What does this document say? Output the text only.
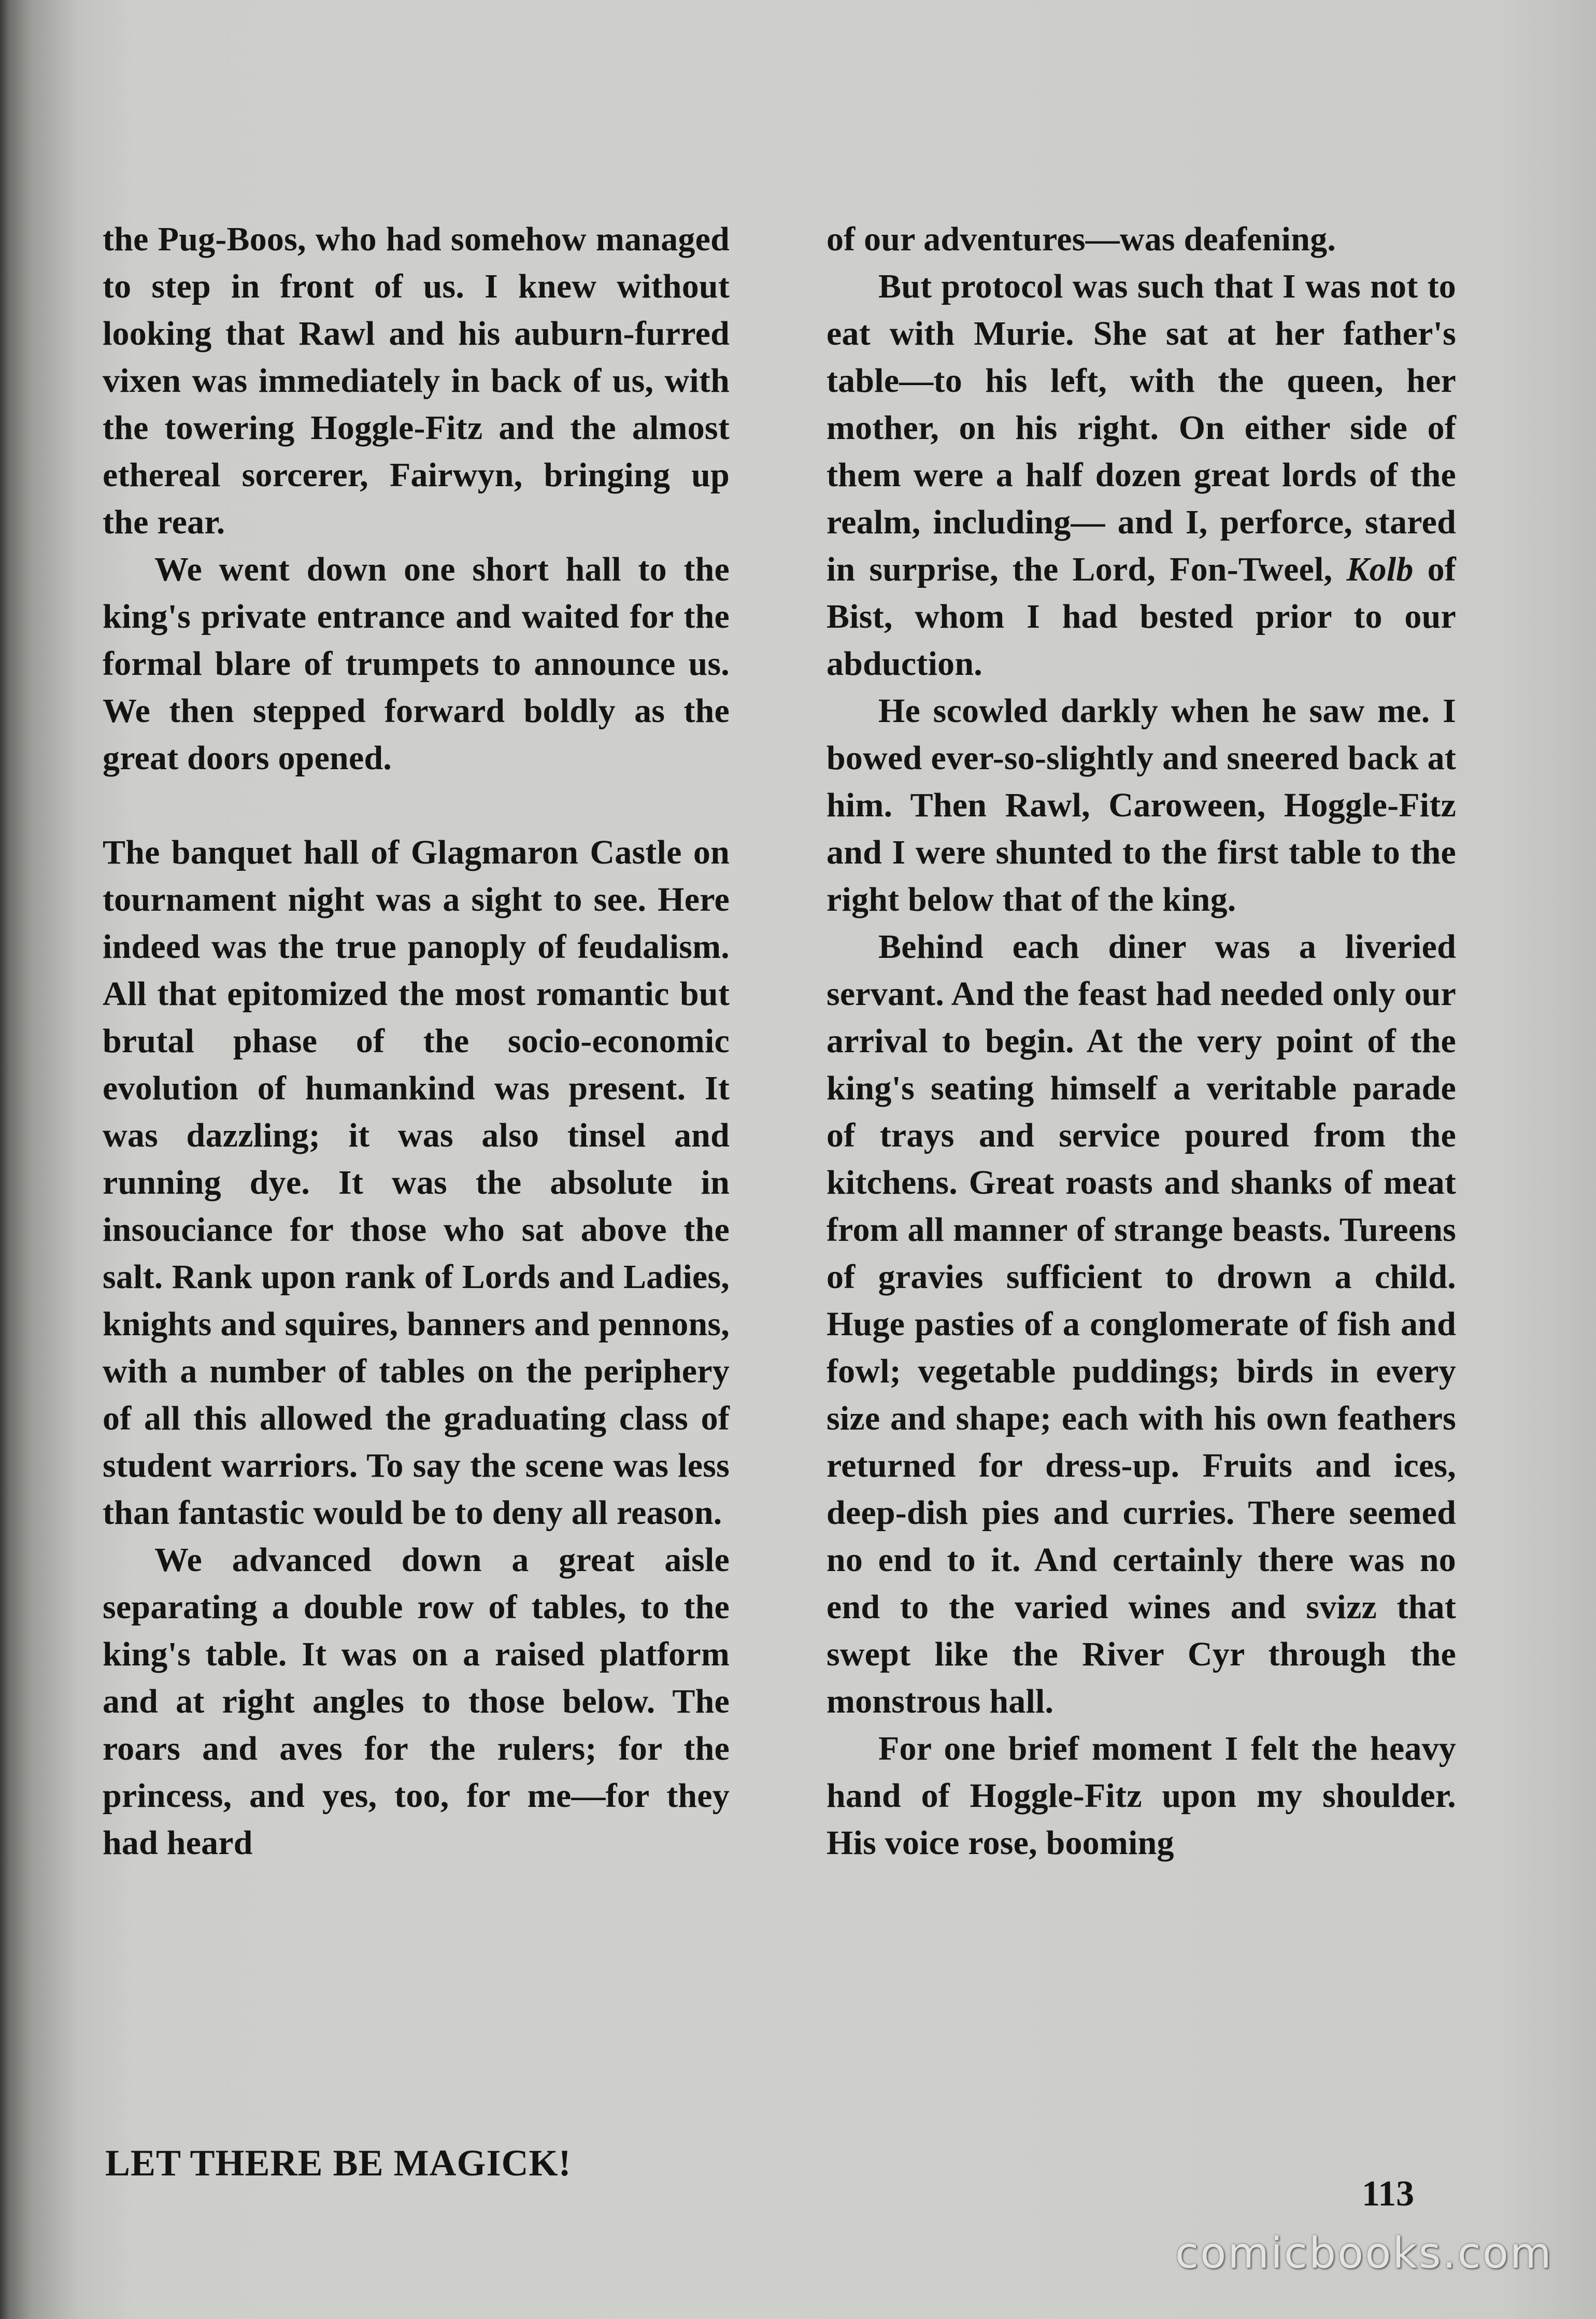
the Pug-Boos, who had somehow managed to step in front of us. I knew without looking that Rawl and his auburn-furred vixen was immediately in back of us, with the towering Hoggle-Fitz and the almost ethereal sorcerer, Fairwyn, bringing up the rear.

We went down one short hall to the king's private entrance and waited for the formal blare of trumpets to announce us. We then stepped forward boldly as the great doors opened.

The banquet hall of Glagmaron Castle on tournament night was a sight to see. Here indeed was the true panoply of feudalism. All that epitomized the most romantic but brutal phase of the socio-economic evolution of humankind was present. It was dazzling; it was also tinsel and running dye. It was the absolute in insouciance for those who sat above the salt. Rank upon rank of Lords and Ladies, knights and squires, banners and pennons, with a number of tables on the periphery of all this allowed the graduating class of student warriors. To say the scene was less than fantastic would be to deny all reason.

We advanced down a great aisle separating a double row of tables, to the king's table. It was on a raised platform and at right angles to those below. The roars and aves for the rulers; for the princess, and yes, too, for me—for they had heard

of our adventures—was deafening.

But protocol was such that I was not to eat with Murie. She sat at her father's table—to his left, with the queen, her mother, on his right. On either side of them were a half dozen great lords of the realm, including— and I, perforce, stared in surprise, the Lord, Fon-Tweel, Kolb of Bist, whom I had bested prior to our abduction.

He scowled darkly when he saw me. I bowed ever-so-slightly and sneered back at him. Then Rawl, Caroween, Hoggle-Fitz and I were shunted to the first table to the right below that of the king.

Behind each diner was a liveried servant. And the feast had needed only our arrival to begin. At the very point of the king's seating himself a veritable parade of trays and service poured from the kitchens. Great roasts and shanks of meat from all manner of strange beasts. Tureens of gravies sufficient to drown a child. Huge pasties of a conglomerate of fish and fowl; vegetable puddings; birds in every size and shape; each with his own feathers returned for dress-up. Fruits and ices, deep-dish pies and curries. There seemed no end to it. And certainly there was no end to the varied wines and svizz that swept like the River Cyr through the monstrous hall.

For one brief moment I felt the heavy hand of Hoggle-Fitz upon my shoulder. His voice rose, booming

LET THERE BE MAGICK!
113
comicbooks.com
